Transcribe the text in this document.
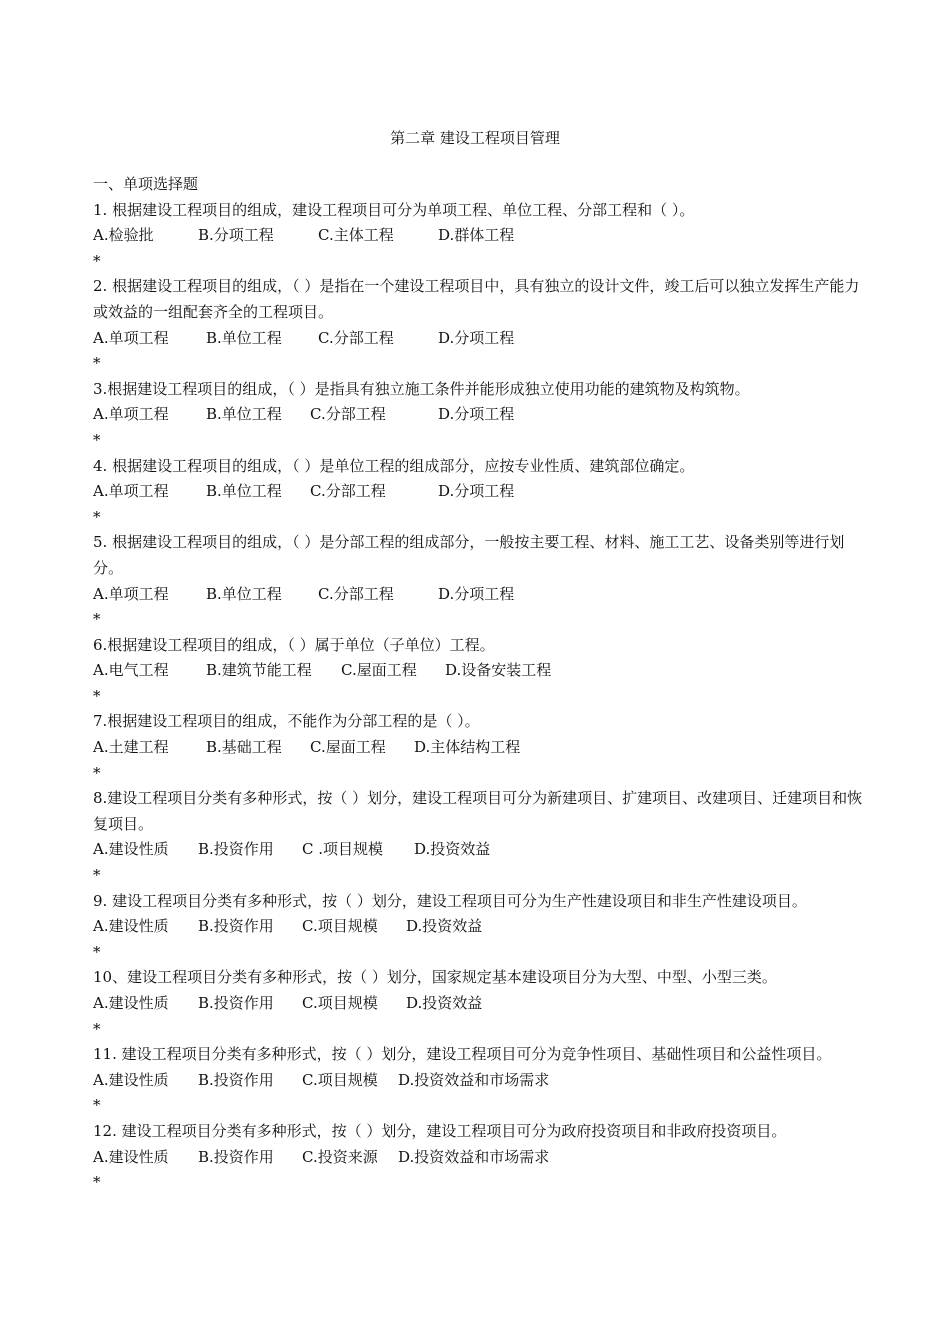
第二章 建设工程项目管理
一、单项选择题
1. 根据建设工程项目的组成，建设工程项目可分为单项工程、单位工程、分部工程和（ ）。
A.检验批	B.分项工程	C.主体工程	D.群体工程
*
2. 根据建设工程项目的组成，（ ）是指在一个建设工程项目中，具有独立的设计文件，竣工后可以独立发挥生产能力或效益的一组配套齐全的工程项目。
A.单项工程 B.单位工程 C.分部工程	D.分项工程
*
3.根据建设工程项目的组成，（ ）是指具有独立施工条件并能形成独立使用功能的建筑物及构筑物。
A.单项工程 B.单位工程 C.分部工程	D.分项工程
*
4. 根据建设工程项目的组成，（ ）是单位工程的组成部分，应按专业性质、建筑部位确定。
A.单项工程 B.单位工程 C.分部工程	D.分项工程
*
5. 根据建设工程项目的组成，（ ）是分部工程的组成部分，一般按主要工程、材料、施工工艺、设备类别等进行划分。
A.单项工程 B.单位工程 C.分部工程	D.分项工程
*
6.根据建设工程项目的组成，（ ）属于单位（子单位）工程。
A.电气工程 B.建筑节能工程 C.屋面工程 D.设备安装工程
*
7.根据建设工程项目的组成，不能作为分部工程的是（ ）。
A.土建工程 B.基础工程 C.屋面工程 D.主体结构工程
*
8.建设工程项目分类有多种形式，按（ ）划分，建设工程项目可分为新建项目、扩建项目、改建项目、迁建项目和恢复项目。
A.建设性质 B.投资作用 C .项目规模 D.投资效益
*
9. 建设工程项目分类有多种形式，按（ ）划分，建设工程项目可分为生产性建设项目和非生产性建设项目。
A.建设性质 B.投资作用 C.项目规模 D.投资效益
*
10、建设工程项目分类有多种形式，按（ ）划分，国家规定基本建设项目分为大型、中型、小型三类。
A.建设性质 B.投资作用 C.项目规模 D.投资效益
*
11. 建设工程项目分类有多种形式，按（ ）划分，建设工程项目可分为竞争性项目、基础性项目和公益性项目。
A.建设性质 B.投资作用 C.项目规模 D.投资效益和市场需求
*
12. 建设工程项目分类有多种形式，按（ ）划分，建设工程项目可分为政府投资项目和非政府投资项目。
A.建设性质 B.投资作用 C.投资来源 D.投资效益和市场需求
*
